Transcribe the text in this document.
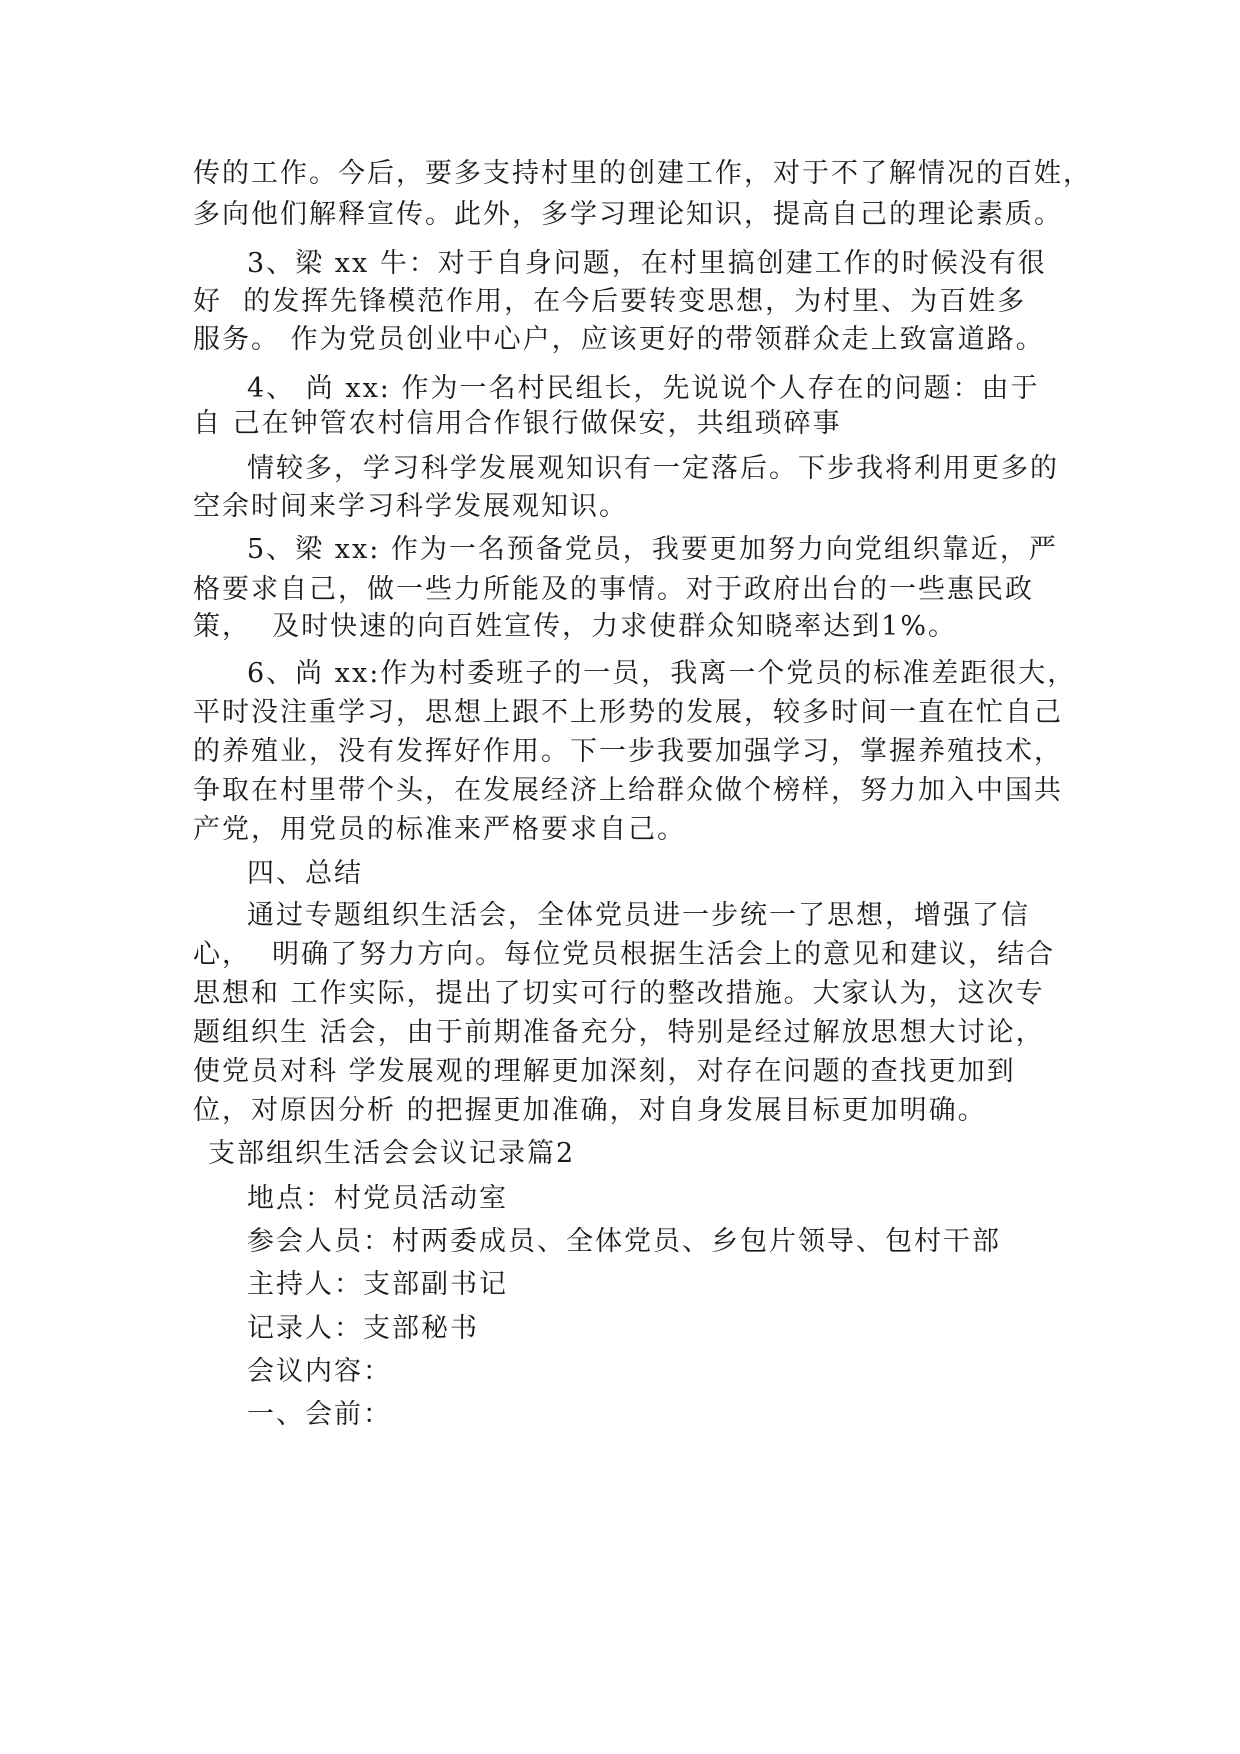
传的工作。今后，要多支持村里的创建工作，对于不了解情况的百姓，
多向他们解释宣传。此外，多学习理论知识，提高自己的理论素质。
3、梁 xx 牛：对于自身问题，在村里搞创建工作的时候没有很
好  的发挥先锋模范作用，在今后要转变思想，为村里、为百姓多
服务。 作为党员创业中心户，应该更好的带领群众走上致富道路。
4、 尚 xx: 作为一名村民组长，先说说个人存在的问题：由于
自 己在钟管农村信用合作银行做保安，共组琐碎事
情较多，学习科学发展观知识有一定落后。下步我将利用更多的
空余时间来学习科学发展观知识。
5、梁 xx: 作为一名预备党员，我要更加努力向党组织靠近，严
格要求自己，做一些力所能及的事情。对于政府出台的一些惠民政
策，  及时快速的向百姓宣传，力求使群众知晓率达到1%。
6、尚 xx:作为村委班子的一员，我离一个党员的标准差距很大，
平时没注重学习，思想上跟不上形势的发展，较多时间一直在忙自己
的养殖业，没有发挥好作用。下一步我要加强学习，掌握养殖技术，
争取在村里带个头，在发展经济上给群众做个榜样，努力加入中国共
产党，用党员的标准来严格要求自己。
四、总结
通过专题组织生活会，全体党员进一步统一了思想，增强了信
心，  明确了努力方向。每位党员根据生活会上的意见和建议，结合
思想和 工作实际，提出了切实可行的整改措施。大家认为，这次专
题组织生 活会，由于前期准备充分，特别是经过解放思想大讨论，
使党员对科 学发展观的理解更加深刻，对存在问题的查找更加到
位，对原因分析 的把握更加准确，对自身发展目标更加明确。
支部组织生活会会议记录篇2
地点：村党员活动室
参会人员：村两委成员、全体党员、乡包片领导、包村干部
主持人：支部副书记
记录人：支部秘书
会议内容：
一、会前：
